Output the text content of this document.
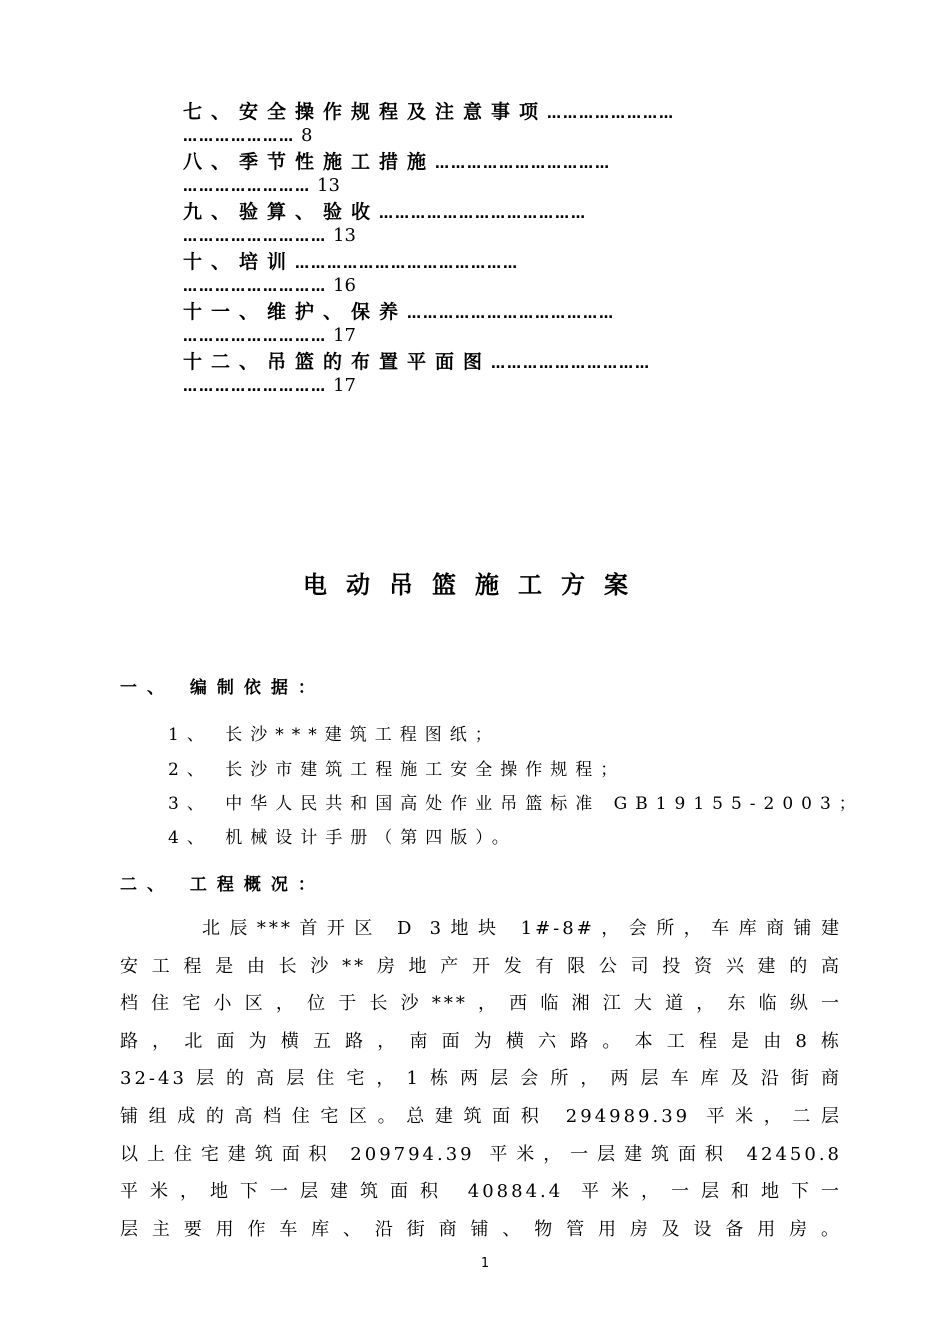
七、安全操作规程及注意事项……………………
………………… 8
八、季节性施工措施……………………………
…………………… 13
九、验算、验收…………………………………
……………………… 13
十、培训……………………………………
……………………… 16
十一、维护、保养…………………………………
……………………… 17
十二、吊篮的布置平面图…………………………
……………………… 17
电动吊篮施工方案
一、 编制依据：
1、 长沙***建筑工程图纸；
2、 长沙市建筑工程施工安全操作规程；
3、 中华人民共和国高处作业吊篮标准 GB19155-2003；
4、 机械设计手册（第四版）。
二、 工程概况：
北辰***首开区 D 3地块 1#-8#，会所，车库商铺建
安工程是由长沙**房地产开发有限公司投资兴建的高
档住宅小区，位于长沙***，西临湘江大道，东临纵一
路，北面为横五路，南面为横六路。本工程是由8栋
32-43层的高层住宅，1栋两层会所，两层车库及沿街商
铺组成的高档住宅区。总建筑面积 294989.39 平米，二层
以上住宅建筑面积 209794.39 平米，一层建筑面积 42450.8
平米，地下一层建筑面积 40884.4 平米，一层和地下一
层主要用作车库、沿街商铺、物管用房及设备用房。
1
